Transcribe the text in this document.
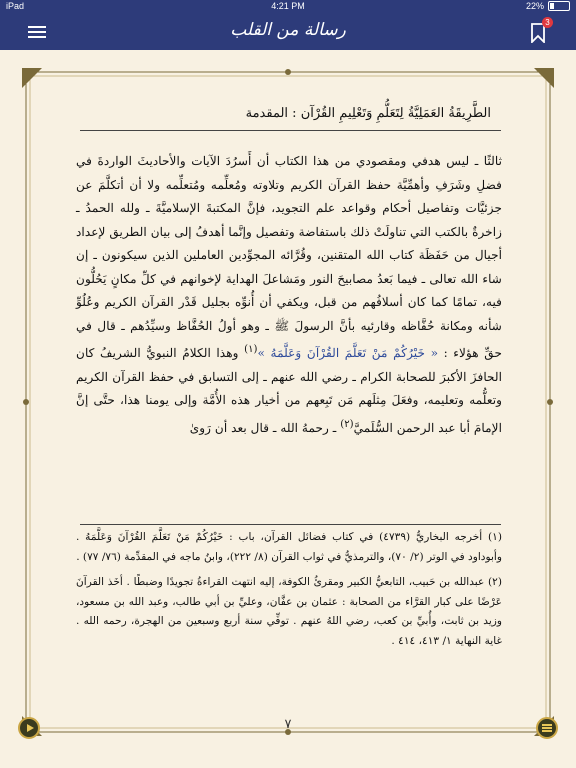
iPad	4:21 PM	22%
رسالة من القلب	3
الطَّرِيقَةُ العَمَلِيَّةُ لِتَعَلُّمِ وَتَعْلِيمِ القُرْآن : المقدمة

ثالثًا ـ ليس هدفي ومقصودي من هذا الكتاب أن أَسرُدَ الآيات والأحاديثَ الواردةَ في فضلِ وشَرَفِ وأهمِّيَّة حفظ القرآن الكريم وتلاوته ومُعلِّمه ومُتعلِّمه ولا أن أتكلَّمَ عن جزئيَّات وتفاصيل أحكام وقواعد علم التجويد، فإنَّ المكتبةَ الإسلاميَّةَ ـ ولله الحمدُ ـ زاخرةٌ بالكتب التي تناولَتْ ذلك باستفاضة وتفصيل وإنَّما أهدفُ إلى بيان الطريق لإعداد أجيال من حَفَظَة كتاب الله المتقنين، وقُرَّائه المجوِّدين العاملين الذين سيكونون ـ إن شاء الله تعالى ـ فيما بَعدُ مصابيحَ النور ومَشاعلَ الهداية لإخوانهم في كلِّ مكانٍ يَحُلُّون فيه، تمامًا كما كان أسلافُهم من قبل، ويكفي أن أُنوِّه بجليل قَدْر القرآن الكريم وعُلُوِّ شأنه ومكانة حُفَّاظه وقارئيه بأنَّ الرسولَ ﷺ ـ وهو أولُ الحُفَّاظ وسيِّدُهم ـ قال في حقِّ هؤلاء : « خَيْرُكُمْ مَنْ تَعَلَّمَ القُرْآنَ وَعَلَّمَهُ »$^{(١)}$ وهذا الكلامُ النبويُّ الشريفُ كان الحافزَ الأكبرَ للصحابة الكرام ـ رضي الله عنهم ـ إلى التسابق في حفظ القرآن الكريم وتعلُّمه وتعليمه، وفعَلَ مِثلَهم مَن تَبِعهم من أخيار هذه الأُمَّة وإلى يومنا هذا، حتَّى إنَّ الإمامَ أبا عبد الرحمن السُّلَميَّ$^{(٢)}$ ـ رحمهُ الله ـ قال بعد أن رَوىٰ

(١) أخرجه البخاريُّ (٤٧٣٩) في كتاب فضائل القرآن، باب : خَيْرُكُمْ مَنْ تَعَلَّمَ القُرْآنَ وَعَلَّمَهُ . وأبوداود في الوتر (٢/ ٧٠)، والترمذيُّ في ثواب القرآن (٨/ ٢٢٢)، وابنُ ماجه في المقدِّمة (٧٦/ ٧٧) .

(٢) عبدالله بن حَبيب، التابعيُّ الكبير ومقرئُ الكوفة، إليه انتهت القراءةُ تجويدًا وضبطًا . أخَذ القرآنَ عَرْضًا على كبار القرَّاء من الصحابة : عثمان بن عفَّان، وعليِّ بن أبي طالب، وعبد الله بن مسعود، وزيد بن ثابت، وأُبيِّ بن كعب، رضي اللهُ عنهم . توفِّي سنة أربع وسبعين من الهجرة، رحمه الله . غاية النهاية ١/ ٤١٣، ٤١٤ .

٧
